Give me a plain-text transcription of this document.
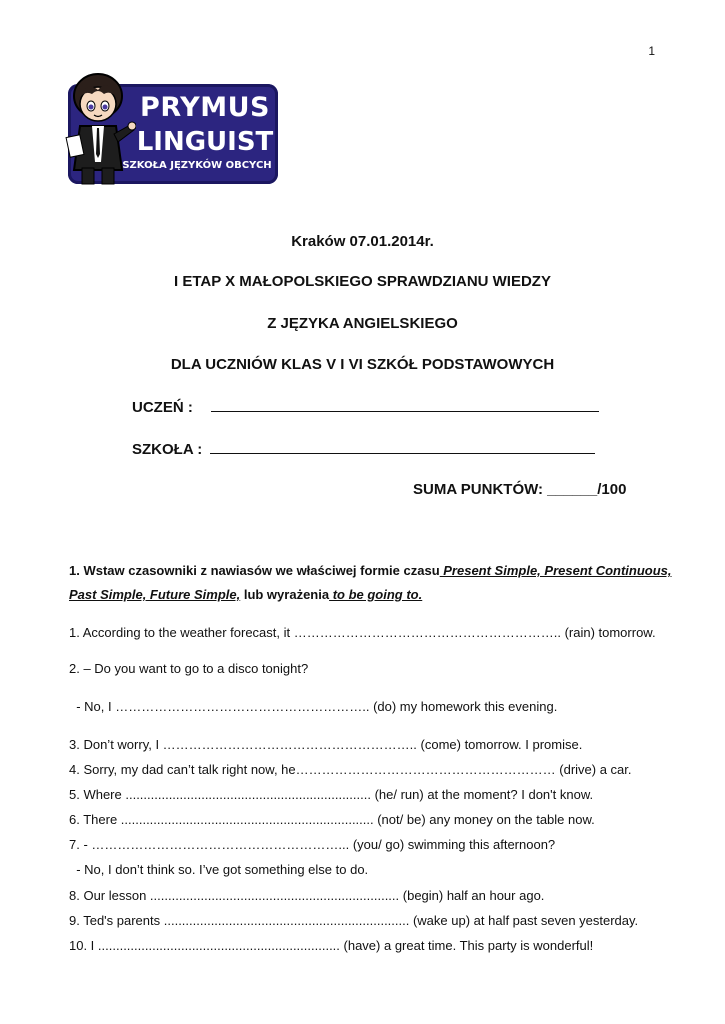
1
PRYMUS
LINGUIST
SZKOŁA JĘZYKÓW OBCYCH
Kraków 07.01.2014r.
I ETAP X MAŁOPOLSKIEGO SPRAWDZIANU WIEDZY
Z JĘZYKA ANGIELSKIEGO
DLA UCZNIÓW KLAS V I VI SZKÓŁ PODSTAWOWYCH
UCZEŃ :
SZKOŁA :
SUMA PUNKTÓW: ______/100
1. Wstaw czasowniki z nawiasów we właściwej formie czasu Present Simple, Present Continuous,
Past Simple, Future Simple, lub wyrażenia to be going to.
1. According to the weather forecast, it …………………………………………………….. (rain) tomorrow.
2. – Do you want to go to a disco tonight?
- No, I ………………………………………………….. (do) my homework this evening.
3. Don’t worry, I ………………………………………………….. (come) tomorrow. I promise.
4. Sorry, my dad can’t talk right now, he…………………………………………………… (drive) a car.
5. Where .................................................................... (he/ run) at the moment? I don't know.
6. There ...................................................................... (not/ be) any money on the table now.
7. - …………………………………………………... (you/ go) swimming this afternoon?
- No, I don’t think so. I’ve got something else to do.
8. Our lesson ..................................................................... (begin) half an hour ago.
9. Ted's parents .................................................................... (wake up) at half past seven yesterday.
10. I ................................................................... (have) a great time. This party is wonderful!
